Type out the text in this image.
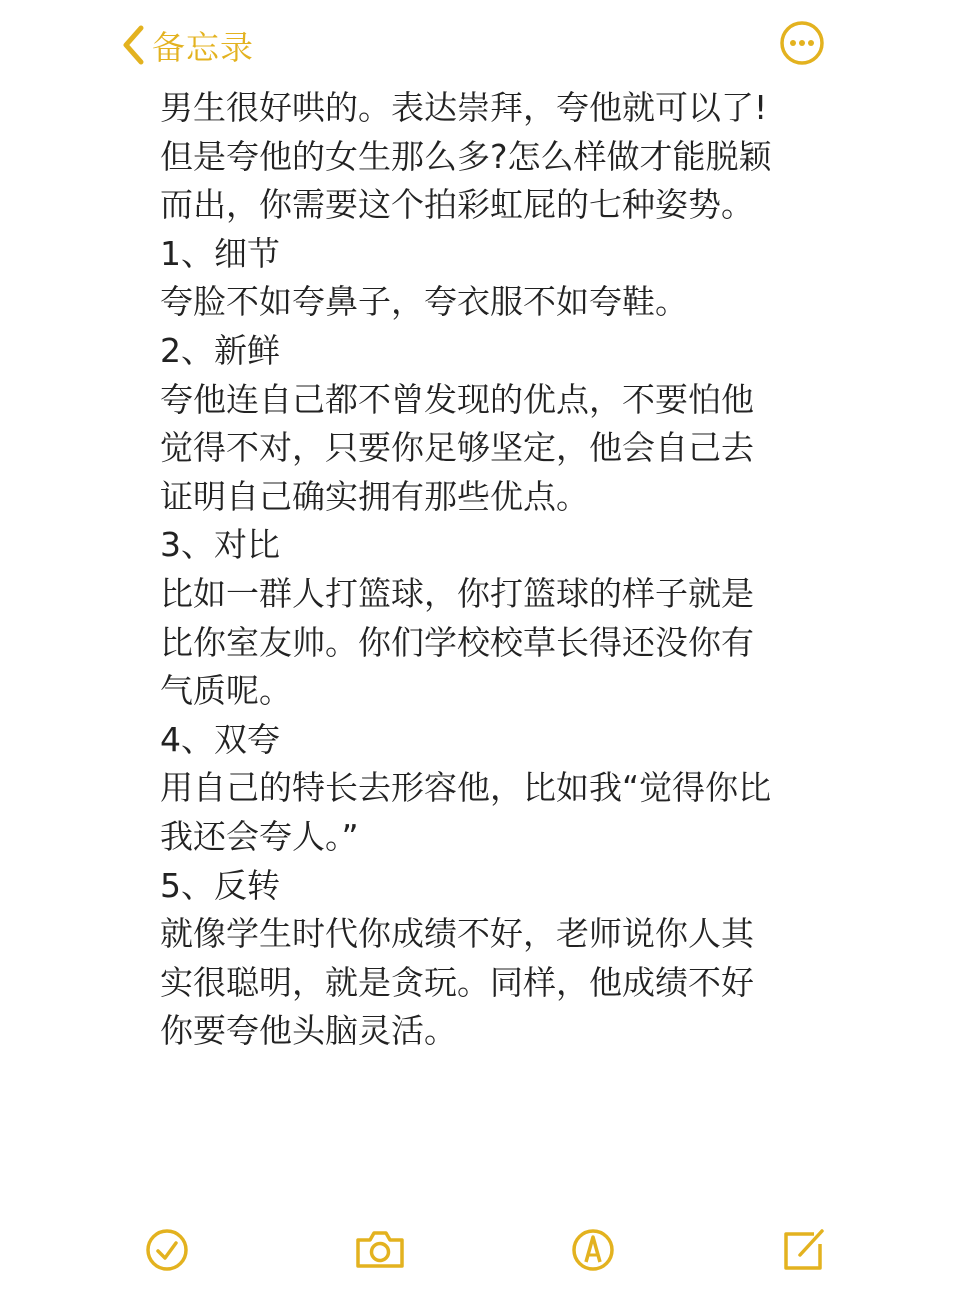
备忘录
男生很好哄的。表达崇拜，夸他就可以了!
但是夸他的女生那么多?怎么样做才能脱颖
而出，你需要这个拍彩虹屁的七种姿势。
1、细节
夸脸不如夸鼻子，夸衣服不如夸鞋。
2、新鲜
夸他连自己都不曾发现的优点，不要怕他
觉得不对，只要你足够坚定，他会自己去
证明自己确实拥有那些优点。
3、对比
比如一群人打篮球，你打篮球的样子就是
比你室友帅。你们学校校草长得还没你有
气质呢。
4、双夸
用自己的特长去形容他，比如我“觉得你比
我还会夸人。”
5、反转
就像学生时代你成绩不好，老师说你人其
实很聪明，就是贪玩。同样，他成绩不好
你要夸他头脑灵活。
